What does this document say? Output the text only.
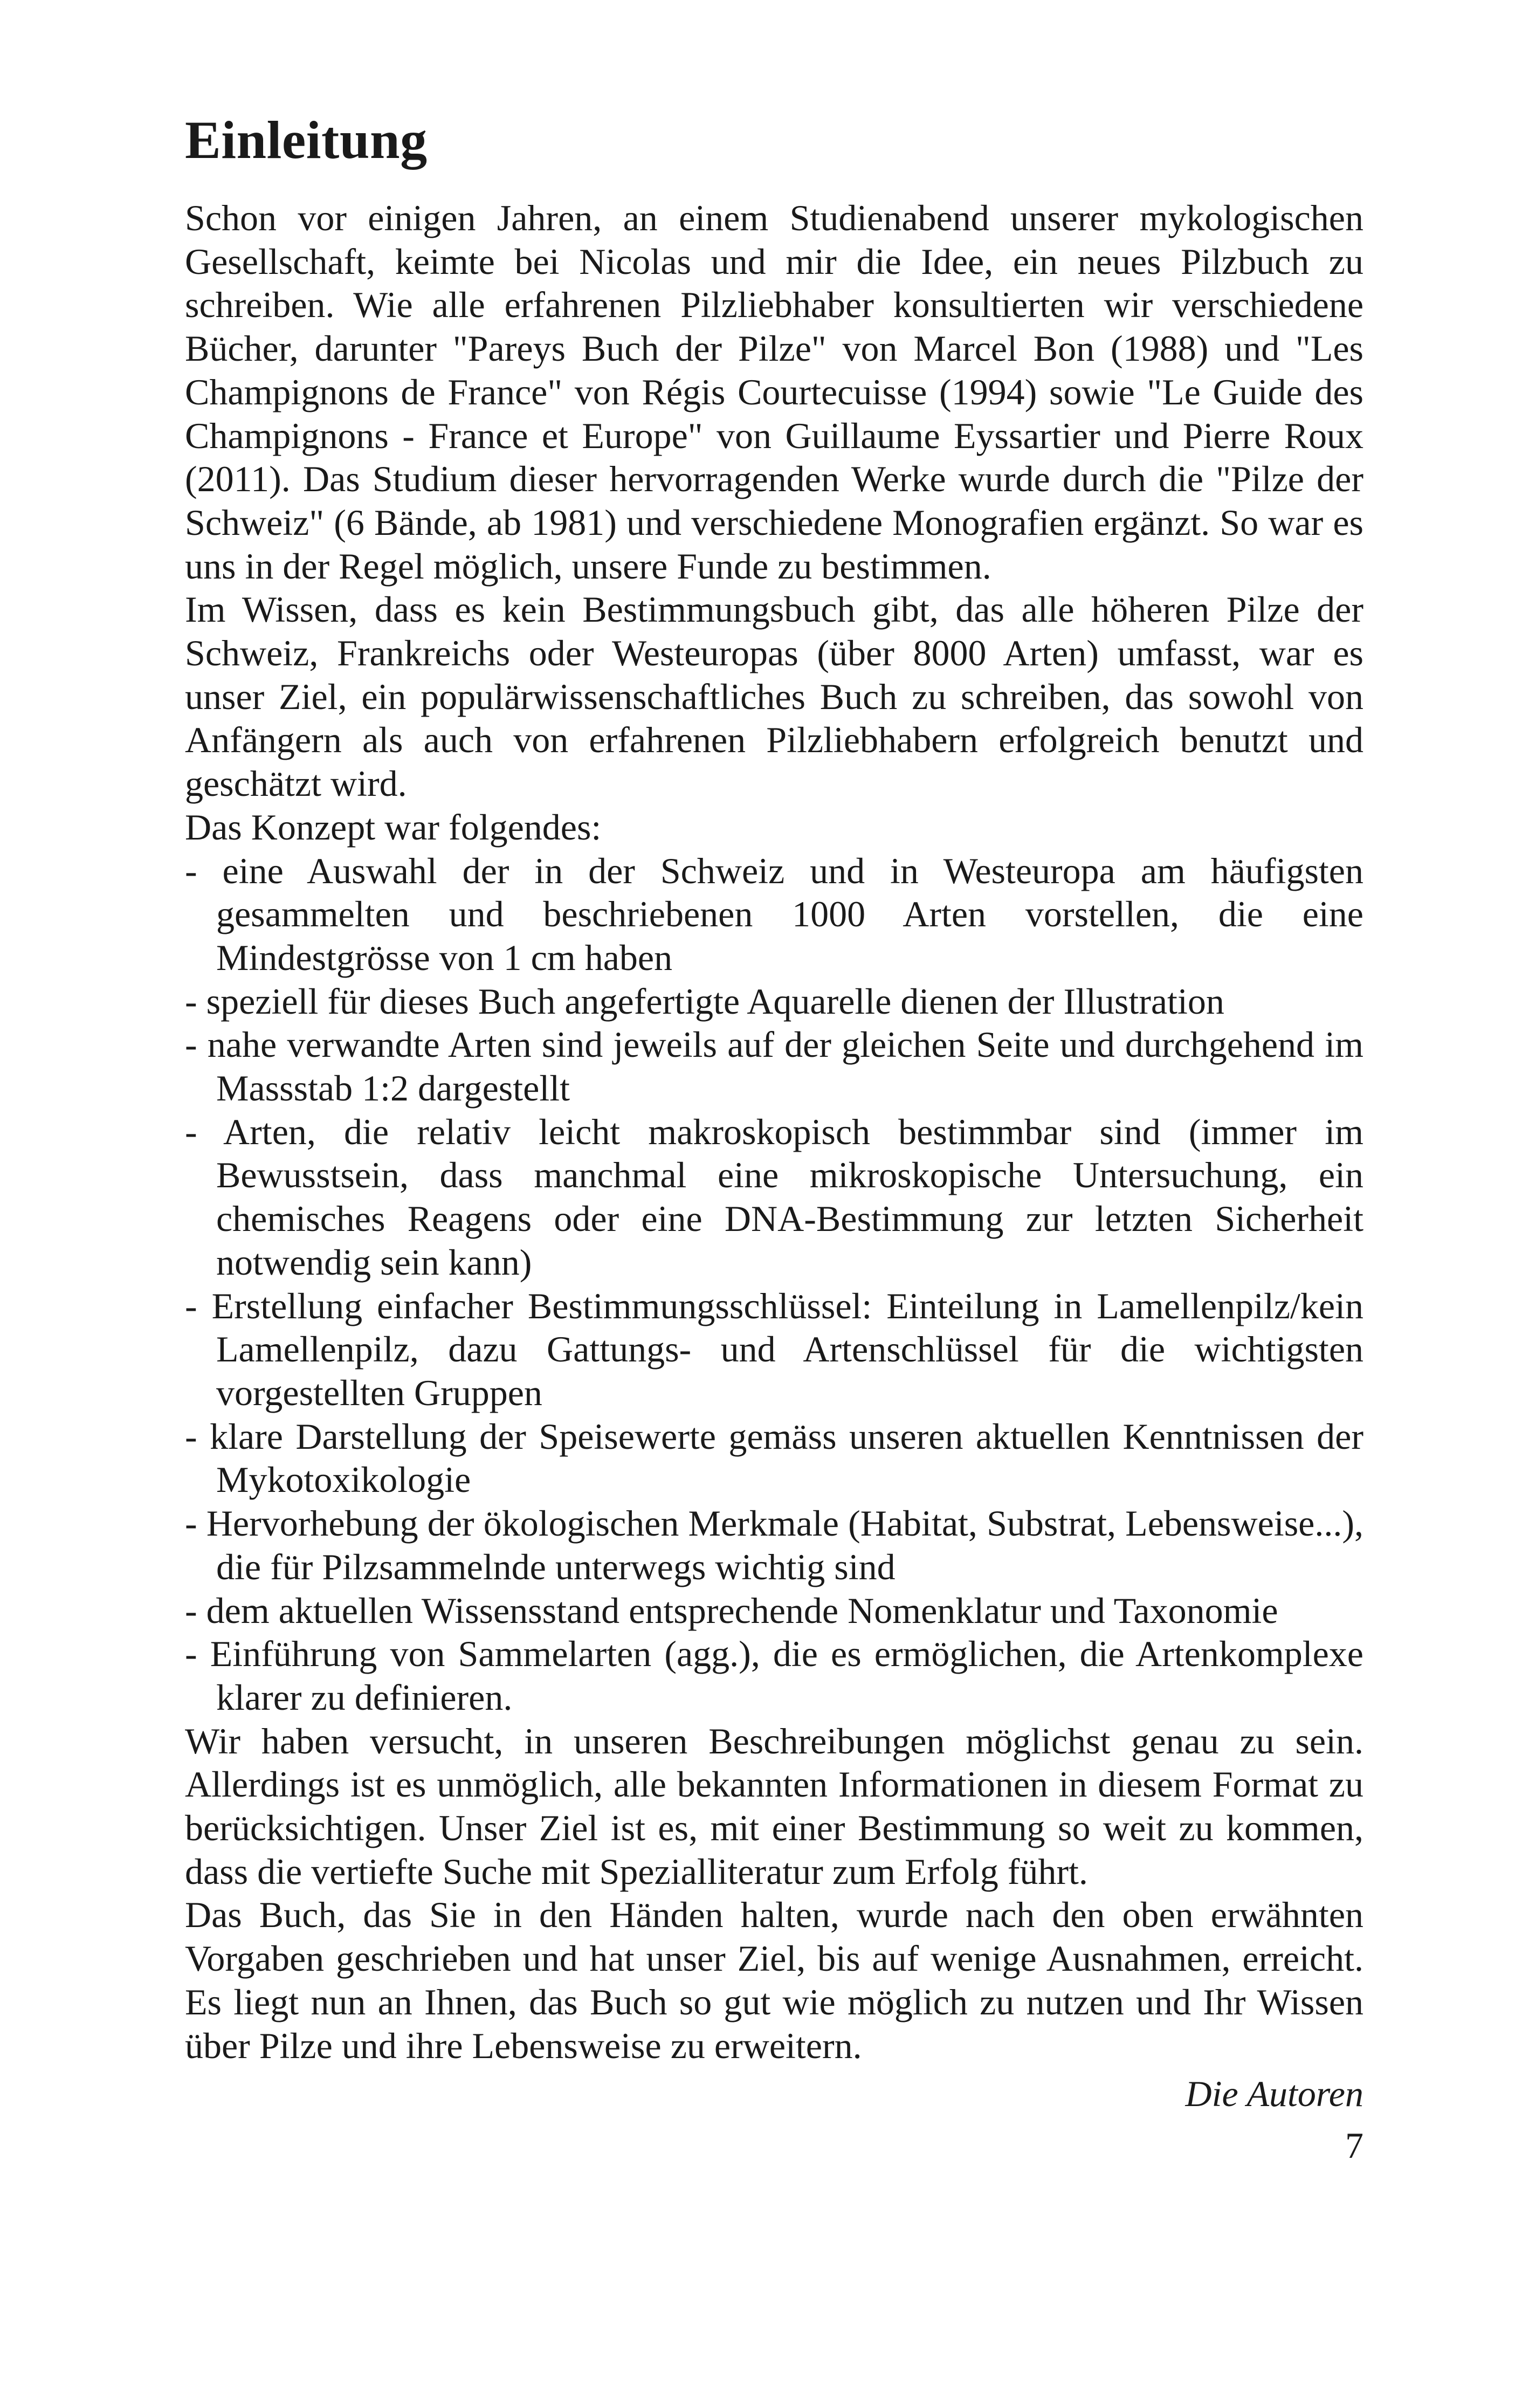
Einleitung

Schon vor einigen Jahren, an einem Studienabend unserer mykologischen Gesellschaft, keimte bei Nicolas und mir die Idee, ein neues Pilzbuch zu schreiben. Wie alle erfahrenen Pilzliebhaber konsultierten wir verschiedene Bücher, darunter "Pareys Buch der Pilze" von Marcel Bon (1988) und "Les Champignons de France" von Régis Courtecuisse (1994) sowie "Le Guide des Champignons - France et Europe" von Guillaume Eyssartier und Pierre Roux (2011). Das Studium dieser hervorragenden Werke wurde durch die "Pilze der Schweiz" (6 Bände, ab 1981) und verschiedene Monografien ergänzt. So war es uns in der Regel möglich, unsere Funde zu bestimmen.

Im Wissen, dass es kein Bestimmungsbuch gibt, das alle höheren Pilze der Schweiz, Frankreichs oder Westeuropas (über 8000 Arten) umfasst, war es unser Ziel, ein populärwissenschaftliches Buch zu schreiben, das sowohl von Anfängern als auch von erfahrenen Pilzliebhabern erfolgreich benutzt und geschätzt wird.

Das Konzept war folgendes:

- eine Auswahl der in der Schweiz und in Westeuropa am häufigsten gesammelten und beschriebenen 1000 Arten vorstellen, die eine Mindestgrösse von 1 cm haben
- speziell für dieses Buch angefertigte Aquarelle dienen der Illustration
- nahe verwandte Arten sind jeweils auf der gleichen Seite und durchgehend im Massstab 1:2 dargestellt
- Arten, die relativ leicht makroskopisch bestimmbar sind (immer im Bewusstsein, dass manchmal eine mikroskopische Untersuchung, ein chemisches Reagens oder eine DNA-Bestimmung zur letzten Sicherheit notwendig sein kann)
- Erstellung einfacher Bestimmungsschlüssel: Einteilung in Lamellenpilz/kein Lamellenpilz, dazu Gattungs- und Artenschlüssel für die wichtigsten vorgestellten Gruppen
- klare Darstellung der Speisewerte gemäss unseren aktuellen Kenntnissen der Mykotoxikologie
- Hervorhebung der ökologischen Merkmale (Habitat, Substrat, Lebensweise...), die für Pilzsammelnde unterwegs wichtig sind
- dem aktuellen Wissensstand entsprechende Nomenklatur und Taxonomie
- Einführung von Sammelarten (agg.), die es ermöglichen, die Artenkomplexe klarer zu definieren.

Wir haben versucht, in unseren Beschreibungen möglichst genau zu sein. Allerdings ist es unmöglich, alle bekannten Informationen in diesem Format zu berücksichtigen. Unser Ziel ist es, mit einer Bestimmung so weit zu kommen, dass die vertiefte Suche mit Spezialliteratur zum Erfolg führt.

Das Buch, das Sie in den Händen halten, wurde nach den oben erwähnten Vorgaben geschrieben und hat unser Ziel, bis auf wenige Ausnahmen, erreicht. Es liegt nun an Ihnen, das Buch so gut wie möglich zu nutzen und Ihr Wissen über Pilze und ihre Lebensweise zu erweitern.

Die Autoren

7
